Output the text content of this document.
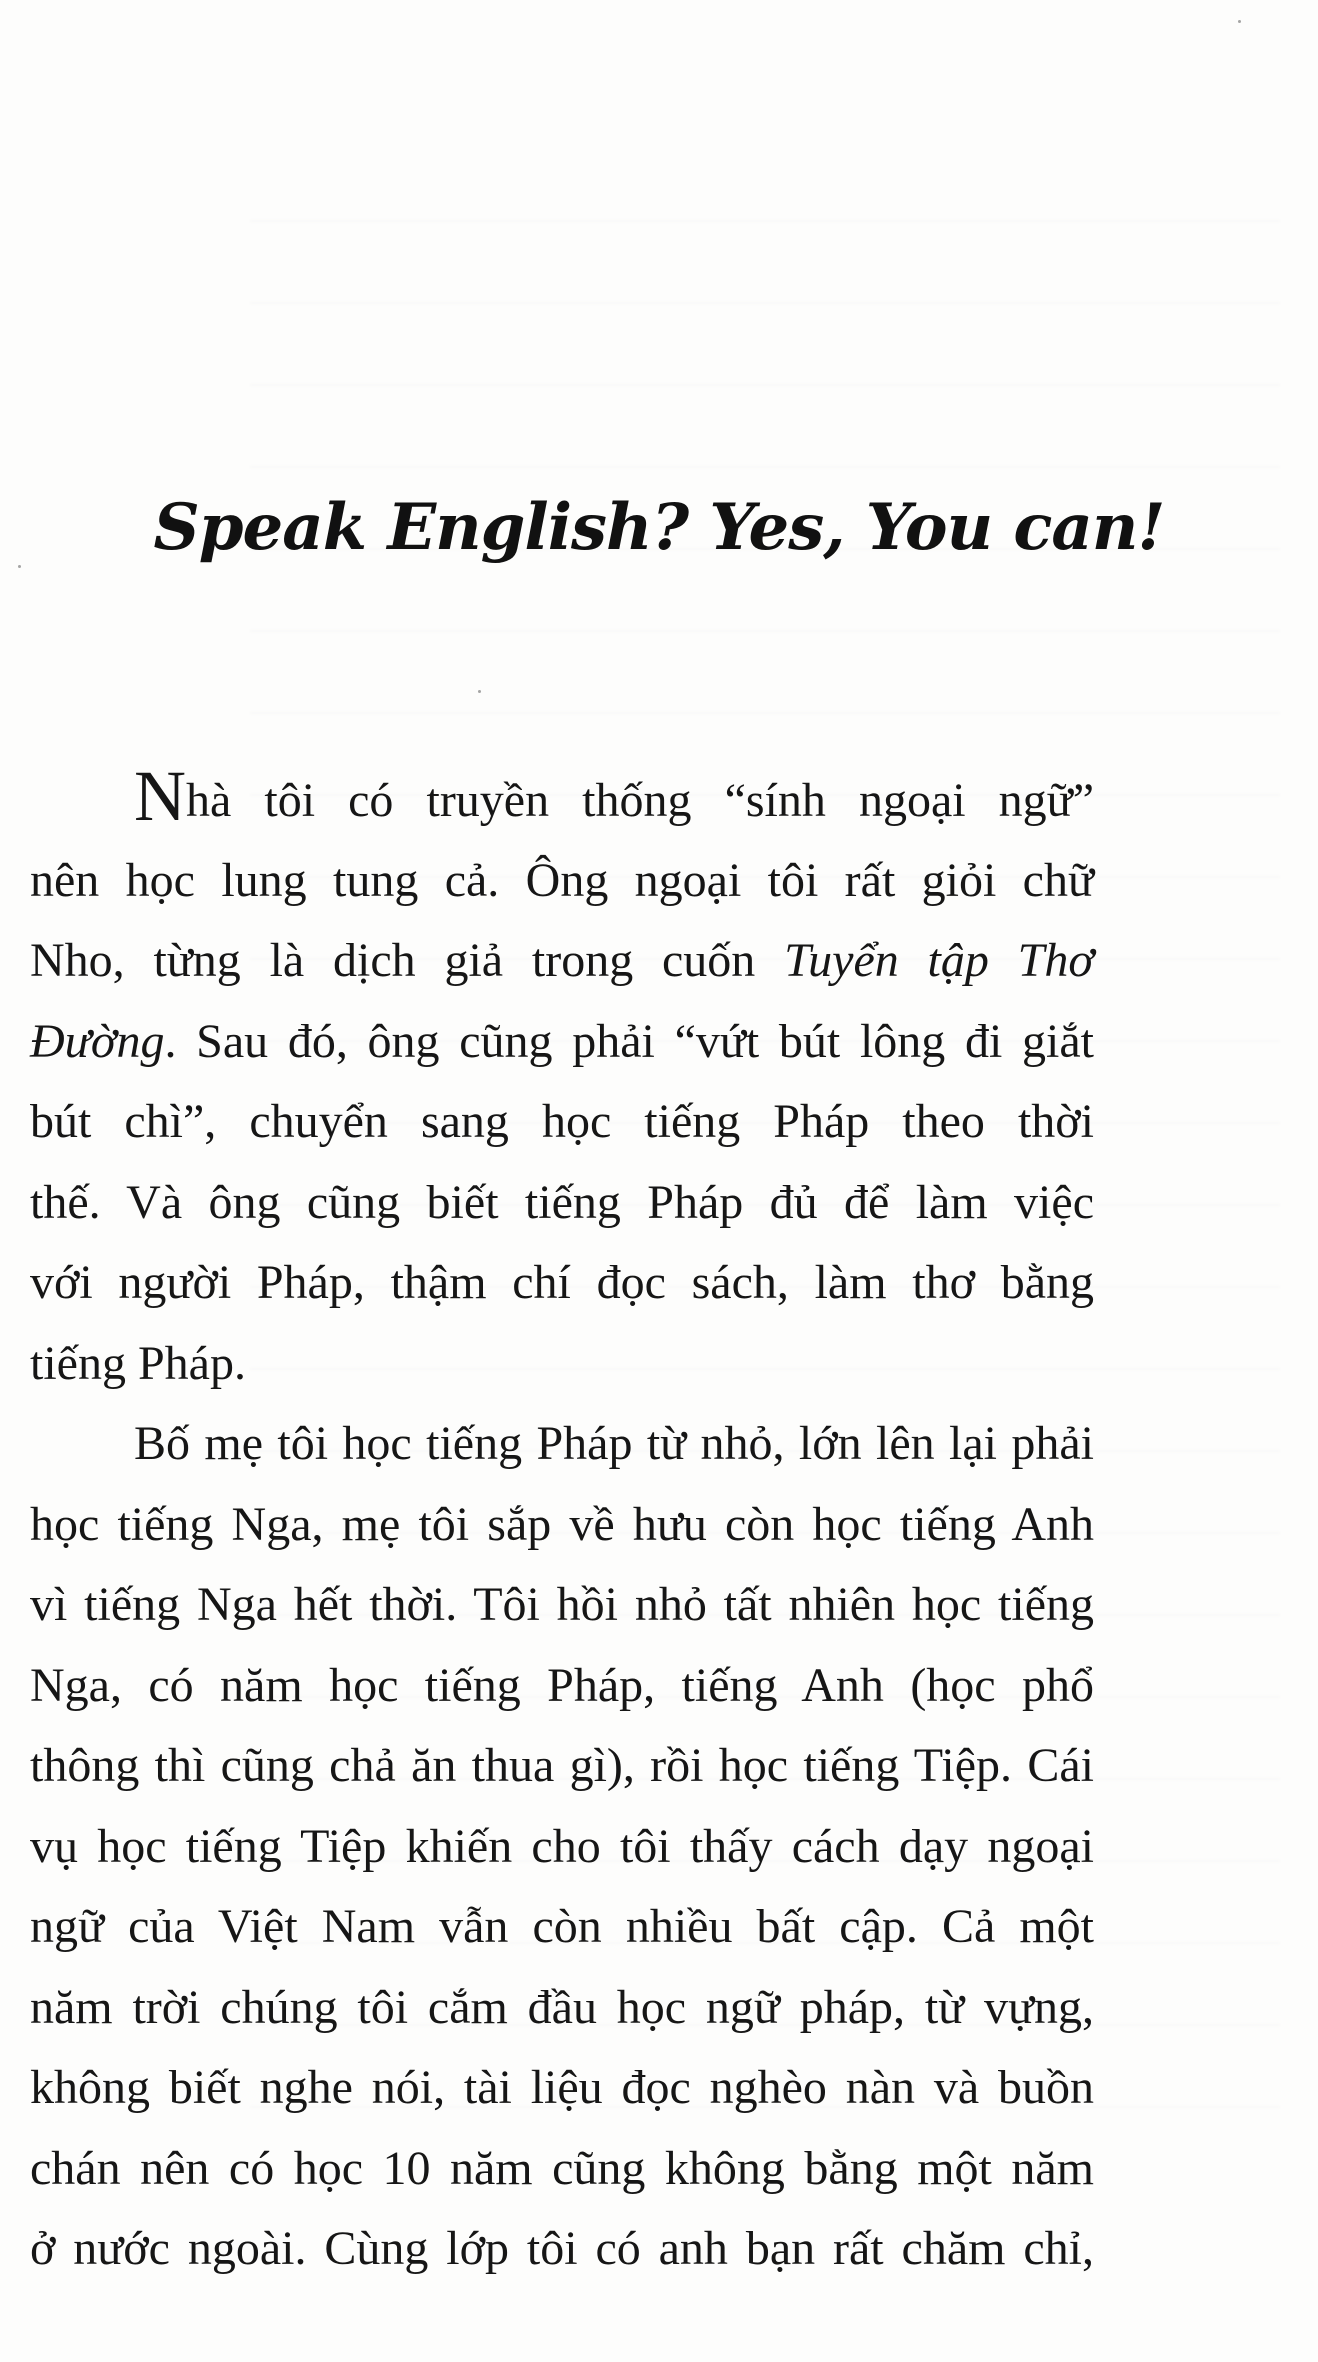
Speak English? Yes, You can!
Nhà tôi có truyền thống “sính ngoại ngữ”
nên học lung tung cả. Ông ngoại tôi rất giỏi chữ
Nho, từng là dịch giả trong cuốn Tuyển tập Thơ
Đường. Sau đó, ông cũng phải “vứt bút lông đi giắt
bút chì”, chuyển sang học tiếng Pháp theo thời
thế. Và ông cũng biết tiếng Pháp đủ để làm việc
với người Pháp, thậm chí đọc sách, làm thơ bằng
tiếng Pháp.
Bố mẹ tôi học tiếng Pháp từ nhỏ, lớn lên lại phải
học tiếng Nga, mẹ tôi sắp về hưu còn học tiếng Anh
vì tiếng Nga hết thời. Tôi hồi nhỏ tất nhiên học tiếng
Nga, có năm học tiếng Pháp, tiếng Anh (học phổ
thông thì cũng chả ăn thua gì), rồi học tiếng Tiệp. Cái
vụ học tiếng Tiệp khiến cho tôi thấy cách dạy ngoại
ngữ của Việt Nam vẫn còn nhiều bất cập. Cả một
năm trời chúng tôi cắm đầu học ngữ pháp, từ vựng,
không biết nghe nói, tài liệu đọc nghèo nàn và buồn
chán nên có học 10 năm cũng không bằng một năm
ở nước ngoài. Cùng lớp tôi có anh bạn rất chăm chỉ,
